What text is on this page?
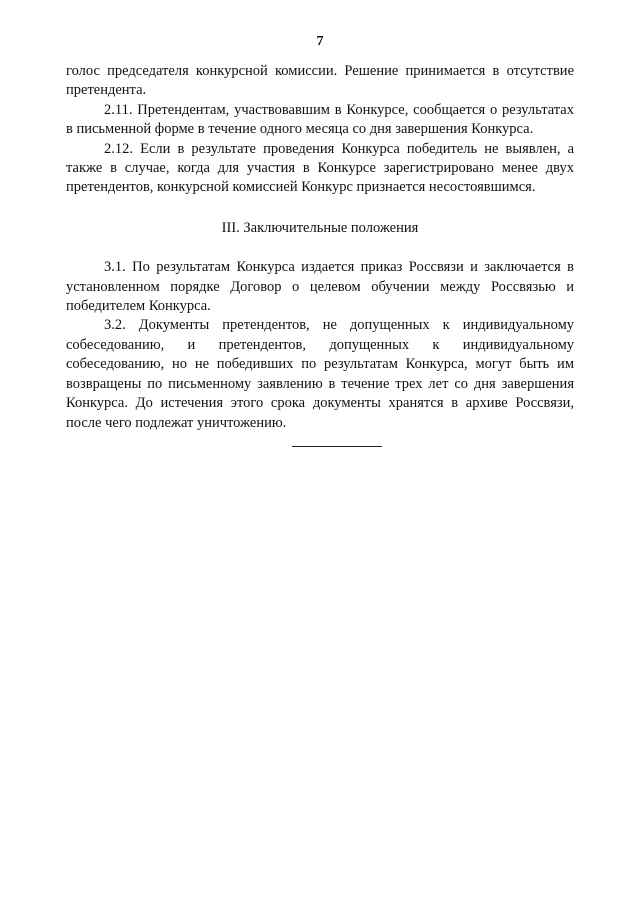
7

голос председателя конкурсной комиссии. Решение принимается в отсутствие претендента.

2.11. Претендентам, участвовавшим в Конкурсе, сообщается о результатах в письменной форме в течение одного месяца со дня завершения Конкурса.

2.12. Если в результате проведения Конкурса победитель не выявлен, а также в случае, когда для участия в Конкурсе зарегистрировано менее двух претендентов, конкурсной комиссией Конкурс признается несостоявшимся.

III. Заключительные положения

3.1. По результатам Конкурса издается приказ Россвязи и заключается в установленном порядке Договор о целевом обучении между Россвязью и победителем Конкурса.

3.2. Документы претендентов, не допущенных к индивидуальному собеседованию, и претендентов, допущенных к индивидуальному собеседованию, но не победивших по результатам Конкурса, могут быть им возвращены по письменному заявлению в течение трех лет со дня завершения Конкурса. До истечения этого срока документы хранятся в архиве Россвязи, после чего подлежат уничтожению.
